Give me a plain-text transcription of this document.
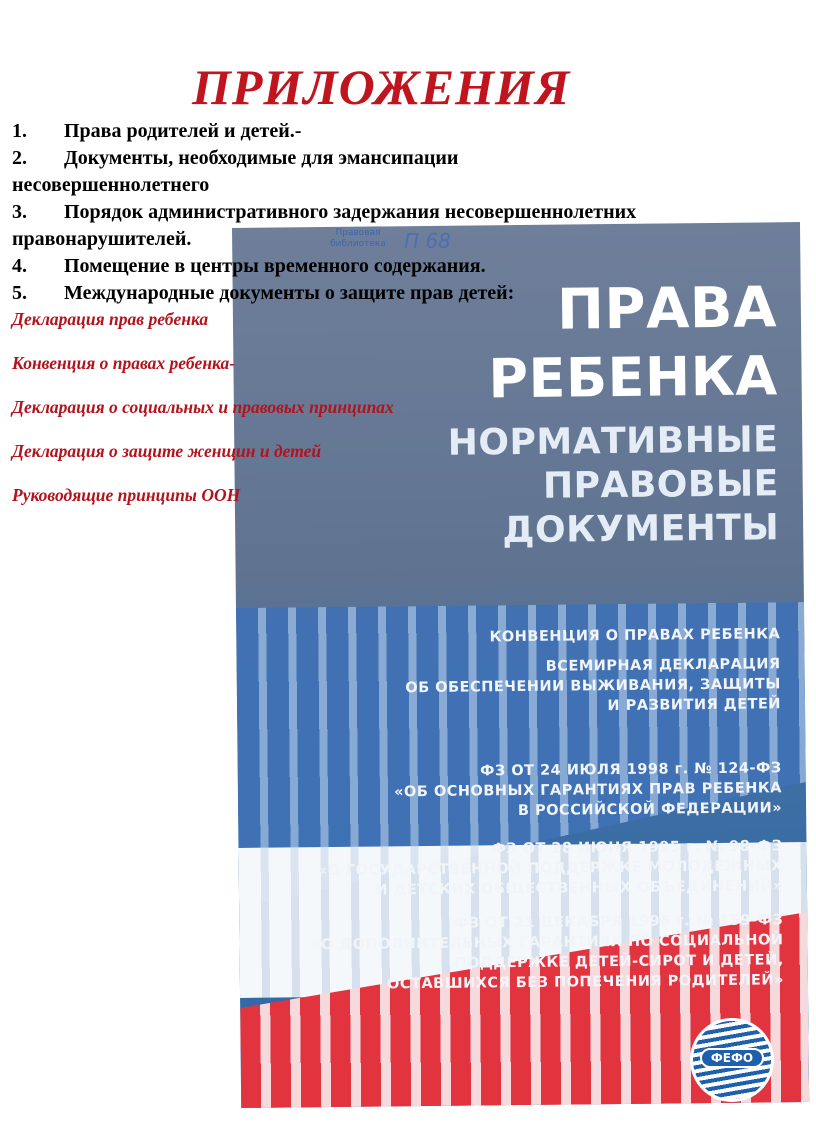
ПРАВА
РЕБЕНКА
НОРМАТИВНЫЕ
ПРАВОВЫЕ
ДОКУМЕНТЫ
КОНВЕНЦИЯ О ПРАВАХ РЕБЕНКА
ВСЕМИРНАЯ ДЕКЛАРАЦИЯ
ОБ ОБЕСПЕЧЕНИИ ВЫЖИВАНИЯ, ЗАЩИТЫ
И РАЗВИТИЯ ДЕТЕЙ
ФЗ ОТ 24 ИЮЛЯ 1998 г. № 124-ФЗ
«ОБ ОСНОВНЫХ ГАРАНТИЯХ ПРАВ РЕБЕНКА
В РОССИЙСКОЙ ФЕДЕРАЦИИ»
ФЗ ОТ 28 ИЮНЯ 1995 г. № 98-ФЗ
«О ГОСУДАРСТВЕННОЙ ПОДДЕРЖКЕ МОЛОДЕЖНЫХ
И ДЕТСКИХ ОБЩЕСТВЕННЫХ ОБЪЕДИНЕНИЙ»
ФЗ ОТ 21 ДЕКАБРЯ 1996 г. № 159-ФЗ
«О ДОПОЛНИТЕЛЬНЫХ ГАРАНТИЯХ ПО СОЦИАЛЬНОЙ
ПОДДЕРЖКЕ ДЕТЕЙ-СИРОТ И ДЕТЕЙ,
ОСТАВШИХСЯ БЕЗ ПОПЕЧЕНИЯ РОДИТЕЛЕЙ»
Правовая
библиотека П 68
ФЕФО
ПРИЛОЖЕНИЯ
1. Права родителей и детей.-
2. Документы, необходимые для эмансипации
несовершеннолетнего
3. Порядок административного задержания несовершеннолетних
правонарушителей.
4. Помещение в центры временного содержания.
5. Международные документы о защите прав детей:
Декларация прав ребенка
Конвенция о правах ребенка-
Декларация о социальных и правовых принципах
Декларация о защите женщин и детей
Руководящие принципы ООН
